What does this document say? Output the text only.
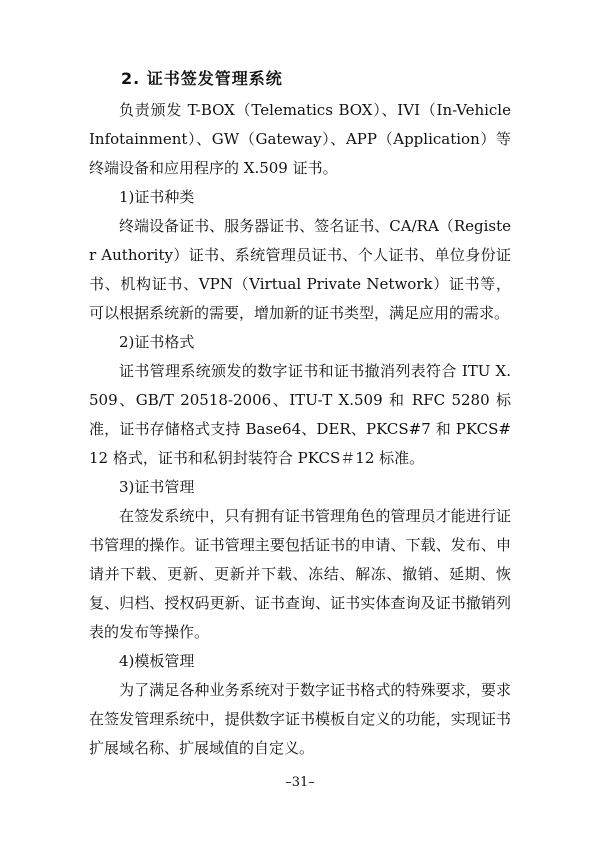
2. 证书签发管理系统

负责颁发 T-BOX（Telematics BOX）、IVI（In-Vehicle Infotainment）、GW（Gateway）、APP（Application）等终端设备和应用程序的 X.509 证书。

1)证书种类

终端设备证书、服务器证书、签名证书、CA/RA（Register Authority）证书、系统管理员证书、个人证书、单位身份证书、机构证书、VPN（Virtual Private Network）证书等，可以根据系统新的需要，增加新的证书类型，满足应用的需求。

2)证书格式

证书管理系统颁发的数字证书和证书撤消列表符合 ITU X.509、GB/T 20518-2006、ITU-T X.509 和 RFC 5280 标准，证书存储格式支持 Base64、DER、PKCS#7 和 PKCS#12 格式，证书和私钥封装符合 PKCS＃12 标准。

3)证书管理

在签发系统中，只有拥有证书管理角色的管理员才能进行证书管理的操作。证书管理主要包括证书的申请、下载、发布、申请并下载、更新、更新并下载、冻结、解冻、撤销、延期、恢复、归档、授权码更新、证书查询、证书实体查询及证书撤销列表的发布等操作。

4)模板管理

为了满足各种业务系统对于数字证书格式的特殊要求，要求在签发管理系统中，提供数字证书模板自定义的功能，实现证书扩展域名称、扩展域值的自定义。

–31–
